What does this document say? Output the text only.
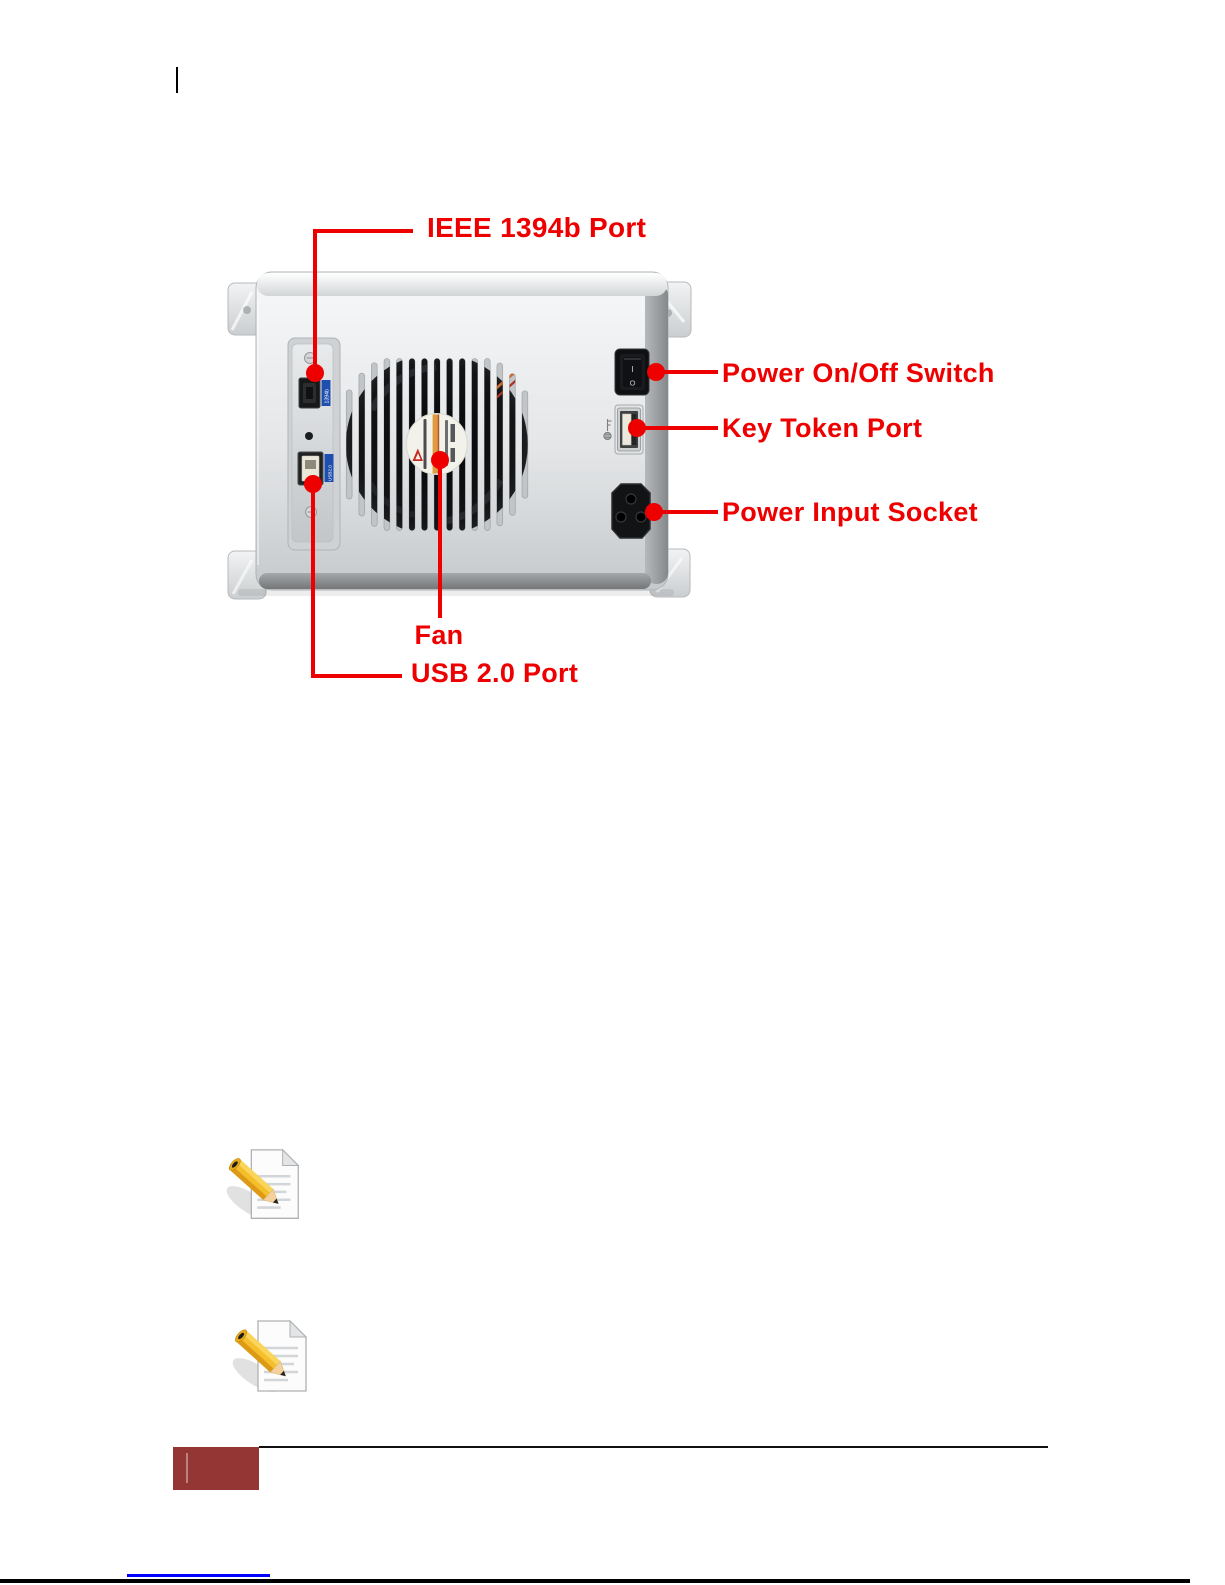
1394b
USB2.0
I
O
IEEE 1394b Port
Power On/Off Switch
Key Token Port
Power Input Socket
Fan
USB 2.0 Port
